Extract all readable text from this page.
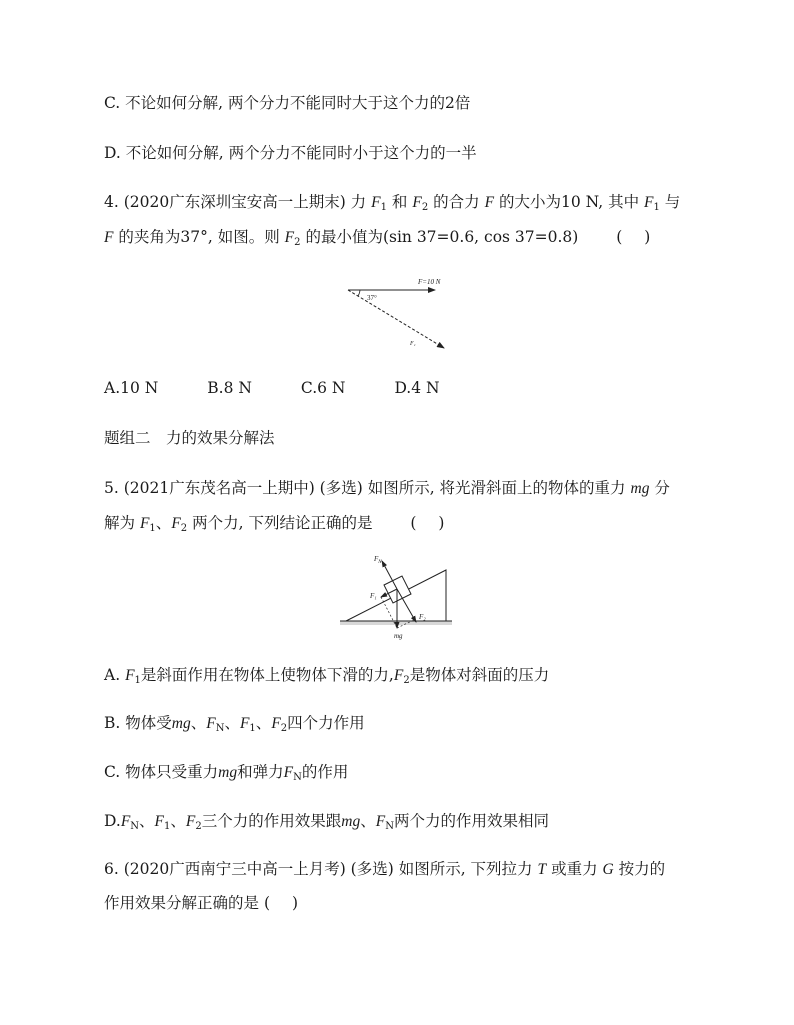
C. 不论如何分解, 两个分力不能同时大于这个力的2倍
D. 不论如何分解, 两个分力不能同时小于这个力的一半
4. (2020广东深圳宝安高一上期末) 力 $F_1$ 和 $F_2$ 的合力 F 的大小为10 N, 其中 $F_1$ 与
F 的夹角为37°, 如图。则 $F_2$ 的最小值为(sin 37=0.6, cos 37=0.8) ( )
F=10 N
37°
F₁
A.10 N	B.8 N	C.6 N	D.4 N
题组二　力的效果分解法
5. (2021广东茂名高一上期中) (多选) 如图所示, 将光滑斜面上的物体的重力 mg 分
解为 $F_1$、$F_2$ 两个力, 下列结论正确的是 ( )
$F_N$
F₁
F₂
mg
A. $F_1$是斜面作用在物体上使物体下滑的力$,F_2$是物体对斜面的压力
B. 物体受mg、$F_N$、$F_1$、$F_2$四个力作用
C. 物体只受重力mg和弹力$F_N$的作用
$D.F_N$、$F_1$、$F_2$三个力的作用效果跟mg、$F_N$两个力的作用效果相同
6. (2020广西南宁三中高一上月考) (多选) 如图所示, 下列拉力 T 或重力 G 按力的
作用效果分解正确的是 ( )
